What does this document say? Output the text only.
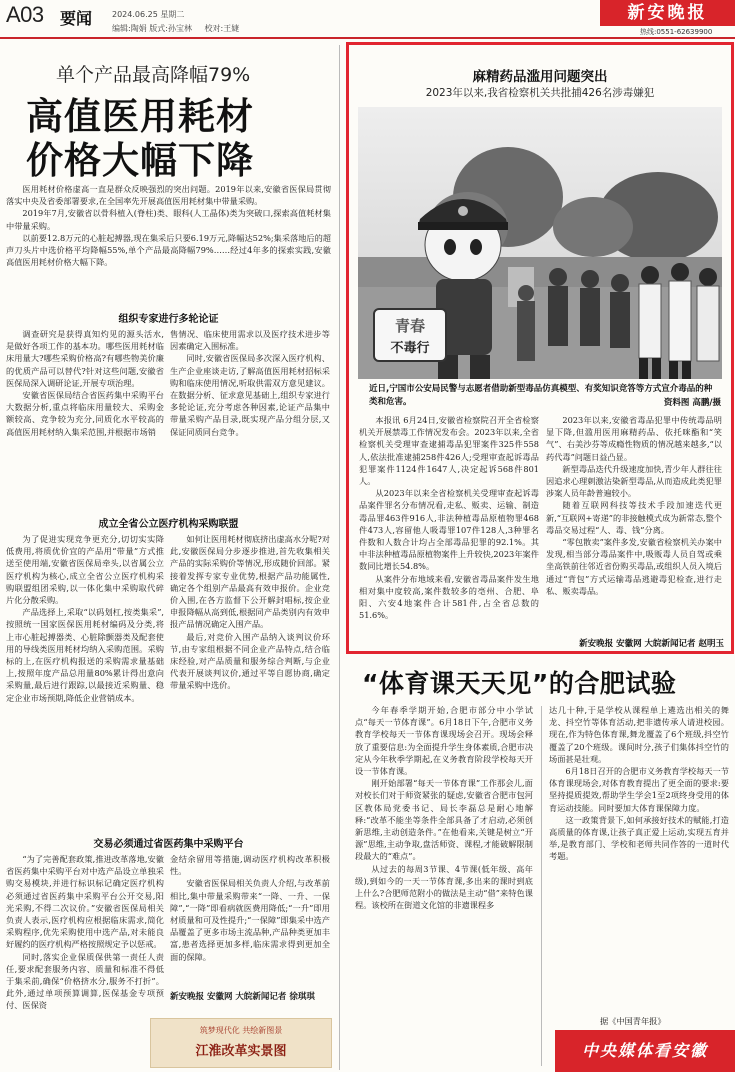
A03 要闻 2024.06.25 星期二
编辑:陶娟 版式:孙宝林 校对:王婕
新安晚报
热线:0551-62639900
单个产品最高降幅79%
高值医用耗材
价格大幅下降

医用耗材价格虚高一直是群众反映强烈的突出问题。2019年以来,安徽省医保局贯彻落实中央及省委部署要求,在全国率先开展高值医用耗材集中带量采购。

2019年7月,安徽省以骨科植入(脊柱)类、眼科(人工晶体)类为突破口,探索高值耗材集中带量采购。

以前要12.8万元的心脏起搏器,现在集采后只要6.19万元,降幅达52%;集采落地后的超声刀头片中选价格平均降幅55%,单个产品最高降幅79%……经过4年多的探索实践,安徽高值医用耗材价格大幅下降。

组织专家进行多轮论证

调查研究是获得真知灼见的源头活水,是做好各项工作的基本功。哪些医用耗材临床用量大?哪些采购价格高?有哪些物美价廉的优质产品可以替代?针对这些问题,安徽省医保局深入调研论证,开展专项治理。

安徽省医保局结合省医药集中采购平台大数据分析,重点将临床用量较大、采购金额较高、竞争较为充分,同质化水平较高的高值医用耗材纳入集采范围,并根据市场销

售情况、临床使用需求以及医疗技术进步等因素确定入围标准。

同时,安徽省医保局多次深入医疗机构、生产企业座谈走访,了解高值医用耗材招标采购和临床使用情况,听取供需双方意见建议。在数据分析、征求意见基础上,组织专家进行多轮论证,充分考虑各种因素,论证产品集中带量采购产品目录,既实现产品分组分层,又保证同质同台竞争。

成立全省公立医疗机构采购联盟

为了促进实现竞争更充分,切切实实降低费用,将质优价宜的产品用“带量”方式推送至使用端,安徽省医保局牵头,以省属公立医疗机构为核心,成立全省公立医疗机构采购联盟组团采购,以一体化集中采购取代碎片化分散采购。

产品选择上,采取“以码划杠,按类集采”,按照统一国家医保医用耗材编码及分类,将上市心脏起搏器类、心脏除颤器类及配套使用的导线类医用耗材均纳入采购范围。采购标的上,在医疗机构报送的采购需求量基础上,按照年度产品总用量80%累计得出意向采购量,最后进行跟踪,以最接近采购量、稳定企业市场预期,降低企业营销成本。

如何让医用耗材彻底挤出虚高水分呢?对此,安徽医保局分步逐步推进,首先收集相关产品的实际采购价等情况,形成随价回部。紧接着发挥专家专业优势,根据产品功能属性,确定各个组别产品最高有效申报价。企业竞价入围,在各方监督下公开解封唱标,按企业申报降幅从高到低,根据同产品类别内有效申报产品情况确定入围产品。

最后,对竞价入围产品纳入谈判议价环节,由专家组根据不同企业产品特点,结合临床经验,对产品质量和服务综合判断,与企业代表开展谈判议价,通过平等自愿协商,确定带量采购中选价。

交易必须通过省医药集中采购平台

“为了完善配套政策,推进改革落地,安徽省医药集中采购平台对中选产品设立单独采购交易模块,并进行标识标记确定医疗机构必须通过省医药集中采购平台公开交易,阳光采购,不得二次议价。”安徽省医保局相关负责人表示,医疗机构应根据临床需求,简化采购程序,优先采购使用中选产品,对未能良好履约的医疗机构严格按照规定予以惩戒。

同时,落实企业保质保供第一责任人责任,要求配套服务内容、质量和标准不得低于集采前,确保“价格挤水分,服务不打折”。此外,通过单项预算调算,医保基金专项预付、医保资

金结余留用等措施,调动医疗机构改革积极性。

安徽省医保局相关负责人介绍,与改革前相比,集中带量采购带来“一降、一升、一保障”,“一降”即看病就医费用降低;“一升”即用材质量和可及性提升;“一保障”即集采中选产品覆盖了更多市场主流品种,产品种类更加丰富,患者选择更加多样,临床需求得到更加全面的保障。

新安晚报 安徽网 大皖新闻记者 徐琪琪
筑梦现代化 共绘新图景
江淮改革实景图
麻精药品滥用问题突出
2023年以来,我省检察机关共批捕426名涉毒嫌犯
青春
不毒行
近日,宁国市公安局民警与志愿者借助新型毒品仿真模型、有奖知识竞答等方式宣介毒品的种类和危害。	资料图 高鹏/摄

本报讯 6月24日,安徽省检察院召开全省检察机关开展禁毒工作情况发布会。2023年以来,全省检察机关受理审查逮捕毒品犯罪案件325件558人,依法批准逮捕258件426人;受理审查起诉毒品犯罪案件1124件1647人,决定起诉568件801人。

从2023年以来全省检察机关受理审查起诉毒品案件罪名分布情况看,走私、贩卖、运输、制造毒品罪463件916人,非法种植毒品原植物罪468件473人,容留他人吸毒罪107件128人,3种罪名件数和人数合计均占全部毒品犯罪的92.1%。其中非法种植毒品原植物案件上升较快,2023年案件数同比增长54.8%。

从案件分布地域来看,安徽省毒品案件发生地相对集中度较高,案件数较多的亳州、合肥、阜阳、六安4地案件合计581件,占全省总数的51.6%。

2023年以来,安徽省毒品犯罪中传统毒品明显下降,但滥用医用麻精药品、依托咪酯和“笑气”、右美沙芬等成瘾性物质的情况越来越多,“以药代毒”问题日益凸显。

新型毒品迭代升级速度加快,青少年人群往往因追求心理刺激沾染新型毒品,从而造成此类犯罪涉案人员年龄普遍较小。

随着互联网科技等技术手段加速迭代更新,“互联网+寄递”的非接触模式成为新常态,整个毒品交易过程“人、毒、钱”分离。

“零包散卖”案件多发,安徽省检察机关办案中发现,相当部分毒品案件中,吸贩毒人员自驾或乘坐高铁前往邻近省份购买毒品,或组织人员入境后通过“背包”方式运输毒品逃避毒犯检查,进行走私、贩卖毒品。

新安晚报 安徽网 大皖新闻记者 赵明玉
“体育课天天见”的合肥试验

今年春季学期开始,合肥市部分中小学试点“每天一节体育课”。6月18日下午,合肥市义务教育学校每天一节体育课现场会召开。现场会释放了重要信息:为全面提升学生身体素质,合肥市决定从今年秋季学期起,在义务教育阶段学校每天开设一节体育课。

刚开始部署“每天一节体育课”工作那会儿,面对校长们对于师资紧张的疑虑,安徽省合肥市包河区教体局党委书记、局长李磊总是耐心地解释:“改革不能坐等条件全部具备了才启动,必须创新思维,主动创造条件。”在他看来,关键是树立“开源”思维,主动争取,盘活师资、课程,才能破解限制段最大的“难点”。

从过去的每周3节课、4节课(低年级、高年级),到如今的一天一节体育课,多出来的课时到底上什么?合肥师范附小的做法是主动“借”来特色课程。该校所在街道文化馆的非遗课程多

达几十种,于是学校从课程单上遴选出相关的舞龙、抖空竹等体育活动,把非遗传承人请进校园。现在,作为特色体育课,舞龙覆盖了6个班级,抖空竹覆盖了20个班级。课间时分,孩子们集体抖空竹的场面甚是壮观。

6月18日召开的合肥市义务教育学校每天一节体育课现场会,对体育教育提出了更全面的要求:要坚持提质提效,帮助学生学会1至2项终身受用的体育运动技能。同时要加大体育课保障力度。

这一政策背景下,如何承接好技术的赋能,打造高质量的体育课,让孩子真正爱上运动,实现五育并举,是教育部门、学校和老师共同作答的一道时代考题。

据《中国青年报》
中央媒体看安徽
